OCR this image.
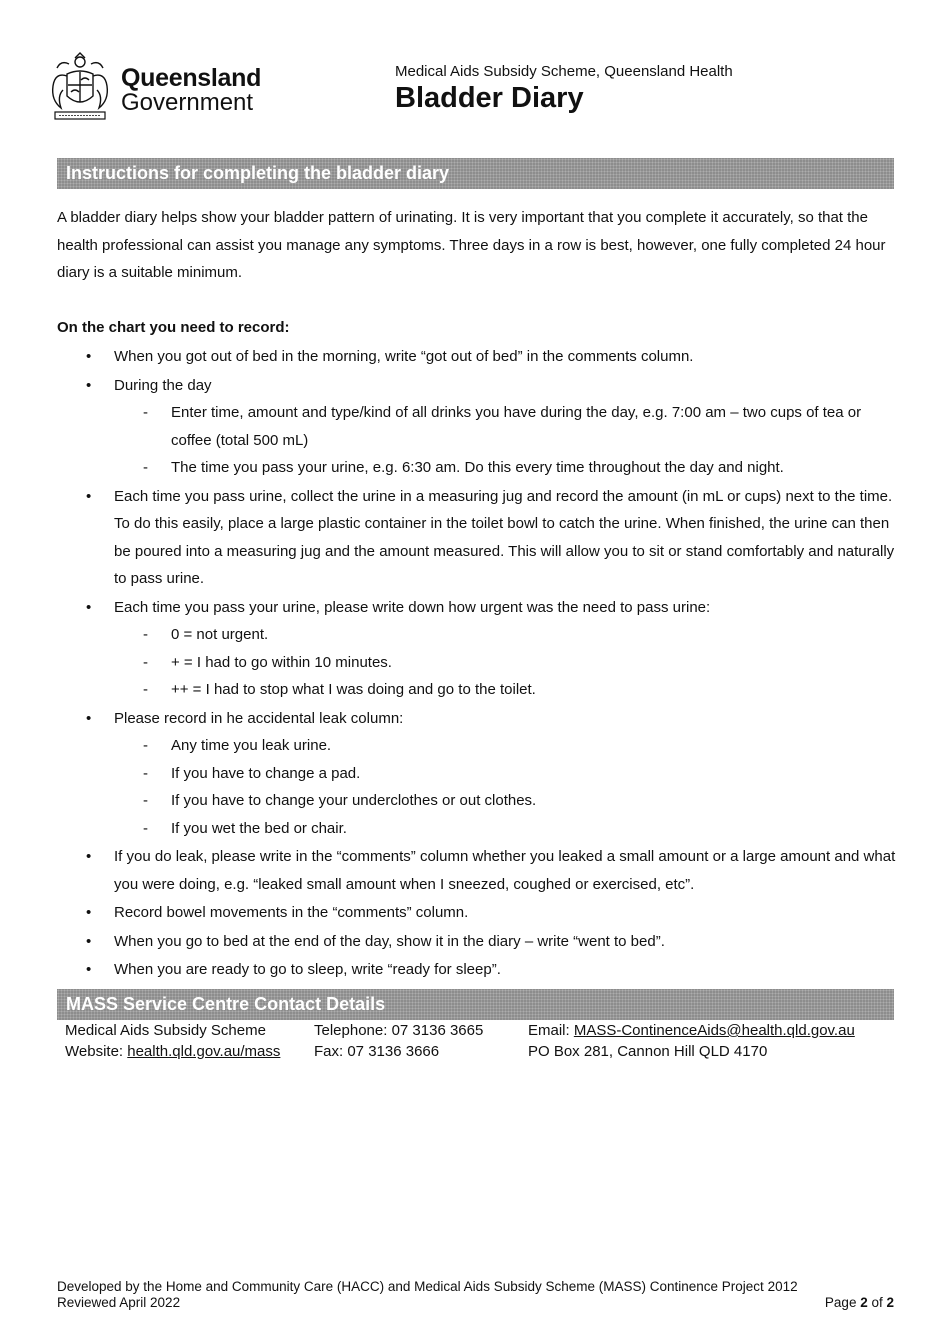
Queensland
Government
Medical Aids Subsidy Scheme, Queensland Health
Bladder Diary
Instructions for completing the bladder diary

A bladder diary helps show your bladder pattern of urinating. It is very important that you complete it accurately, so that the health professional can assist you manage any symptoms. Three days in a row is best, however, one fully completed 24 hour diary is a suitable minimum.

On the chart you need to record:

• When you got out of bed in the morning, write “got out of bed” in the comments column.
• During the day
- Enter time, amount and type/kind of all drinks you have during the day, e.g. 7:00 am – two cups of tea or coffee (total 500 mL)
- The time you pass your urine, e.g. 6:30 am. Do this every time throughout the day and night.
• Each time you pass urine, collect the urine in a measuring jug and record the amount (in mL or cups) next to the time. To do this easily, place a large plastic container in the toilet bowl to catch the urine. When finished, the urine can then be poured into a measuring jug and the amount measured. This will allow you to sit or stand comfortably and naturally to pass urine.
• Each time you pass your urine, please write down how urgent was the need to pass urine:
- 0 = not urgent.
- + = I had to go within 10 minutes.
- ++ = I had to stop what I was doing and go to the toilet.
• Please record in he accidental leak column:
- Any time you leak urine.
- If you have to change a pad.
- If you have to change your underclothes or out clothes.
- If you wet the bed or chair.
• If you do leak, please write in the “comments” column whether you leaked a small amount or a large amount and what you were doing, e.g. “leaked small amount when I sneezed, coughed or exercised, etc”.
• Record bowel movements in the “comments” column.
• When you go to bed at the end of the day, show it in the diary – write “went to bed”.
• When you are ready to go to sleep, write “ready for sleep”.
MASS Service Centre Contact Details
Medical Aids Subsidy Scheme
Website: health.qld.gov.au/mass
Telephone: 07 3136 3665
Fax: 07 3136 3666
Email: MASS-ContinenceAids@health.qld.gov.au
PO Box 281, Cannon Hill QLD 4170
Developed by the Home and Community Care (HACC) and Medical Aids Subsidy Scheme (MASS) Continence Project 2012
Reviewed April 2022	Page 2 of 2
